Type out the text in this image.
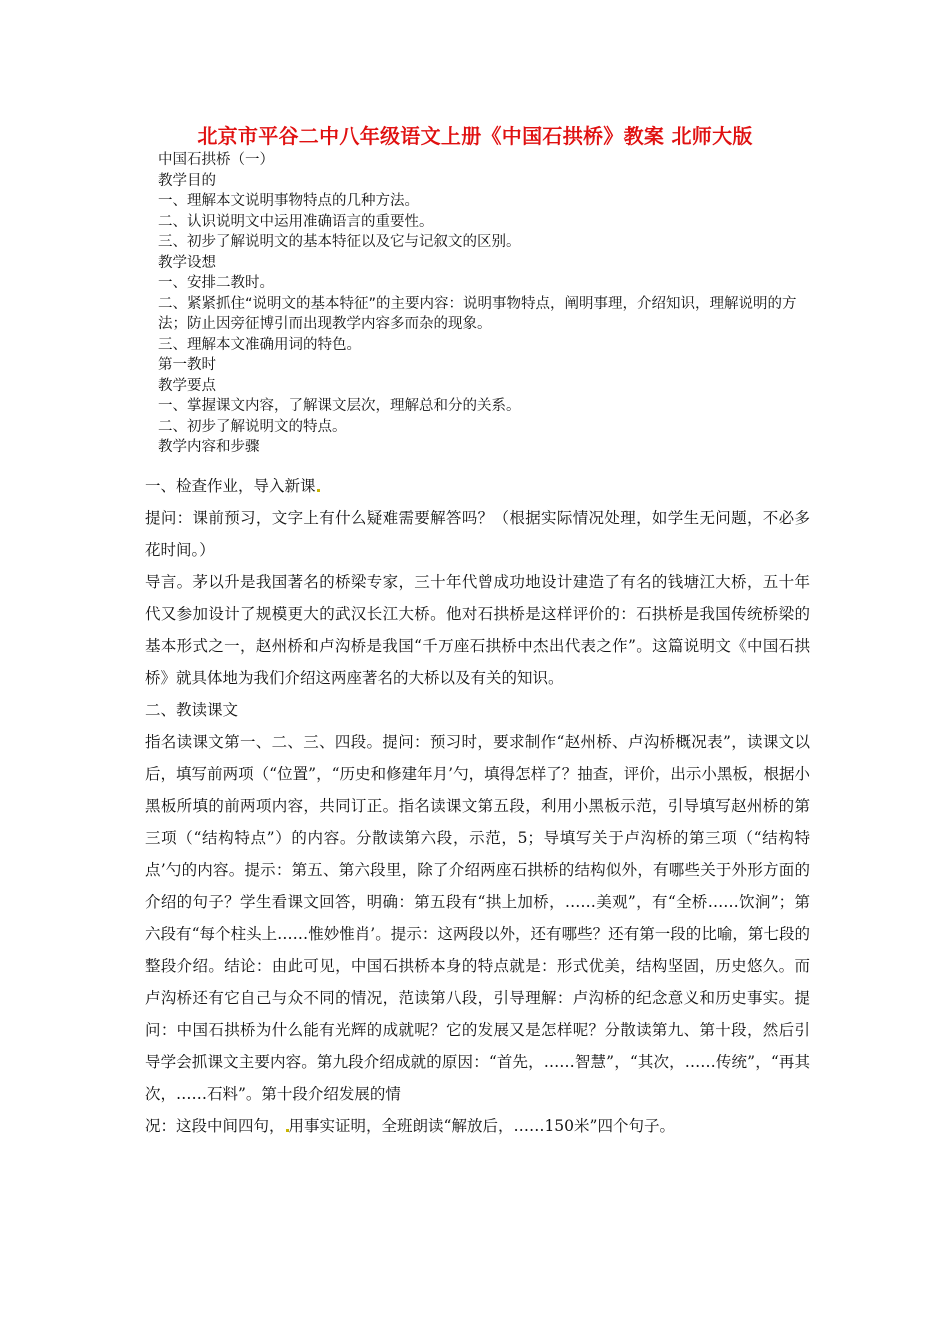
北京市平谷二中八年级语文上册《中国石拱桥》教案 北师大版

中国石拱桥（一）

教学目的

一、理解本文说明事物特点的几种方法。

二、认识说明文中运用准确语言的重要性。

三、初步了解说明文的基本特征以及它与记叙文的区别。

教学设想

一、安排二教时。

二、紧紧抓住“说明文的基本特征”的主要内容：说明事物特点，阐明事理，介绍知识，理解说明的方法；防止因旁征博引而出现教学内容多而杂的现象。

三、理解本文准确用词的特色。

第一教时

教学要点

一、掌握课文内容，了解课文层次，理解总和分的关系。

二、初步了解说明文的特点。

教学内容和步骤

一、检查作业，导入新课

提问：课前预习，文字上有什么疑难需要解答吗？（根据实际情况处理，如学生无问题，不必多花时间。）

导言。茅以升是我国著名的桥梁专家，三十年代曾成功地设计建造了有名的钱塘江大桥，五十年代又参加设计了规模更大的武汉长江大桥。他对石拱桥是这样评价的：石拱桥是我国传统桥梁的基本形式之一，赵州桥和卢沟桥是我国“千万座石拱桥中杰出代表之作”。这篇说明文《中国石拱桥》就具体地为我们介绍这两座著名的大桥以及有关的知识。

二、教读课文

指名读课文第一、二、三、四段。提问：预习时，要求制作“赵州桥、卢沟桥概况表”，读课文以后，填写前两项（“位置”，“历史和修建年月’勺，填得怎样了？抽查，评价，出示小黑板，根据小黑板所填的前两项内容，共同订正。指名读课文第五段，利用小黑板示范，引导填写赵州桥的第三项（“结构特点”）的内容。分散读第六段，示范，5；导填写关于卢沟桥的第三项（“结构特点’勺的内容。提示：第五、第六段里，除了介绍两座石拱桥的结构似外，有哪些关于外形方面的介绍的句子？学生看课文回答，明确：第五段有“拱上加桥，……美观”，有“全桥……饮涧”；第六段有“每个柱头上……惟妙惟肖’。提示：这两段以外，还有哪些？还有第一段的比喻，第七段的整段介绍。结论：由此可见，中国石拱桥本身的特点就是：形式优美，结构坚固，历史悠久。而卢沟桥还有它自己与众不同的情况，范读第八段，引导理解：卢沟桥的纪念意义和历史事实。提问：中国石拱桥为什么能有光辉的成就呢？它的发展又是怎样呢？分散读第九、第十段，然后引导学会抓课文主要内容。第九段介绍成就的原因：“首先，……智慧”，“其次，……传统”，“再其次，……石料”。第十段介绍发展的情

况：这段中间四句， 用事实证明，全班朗读“解放后，……150米”四个句子。
